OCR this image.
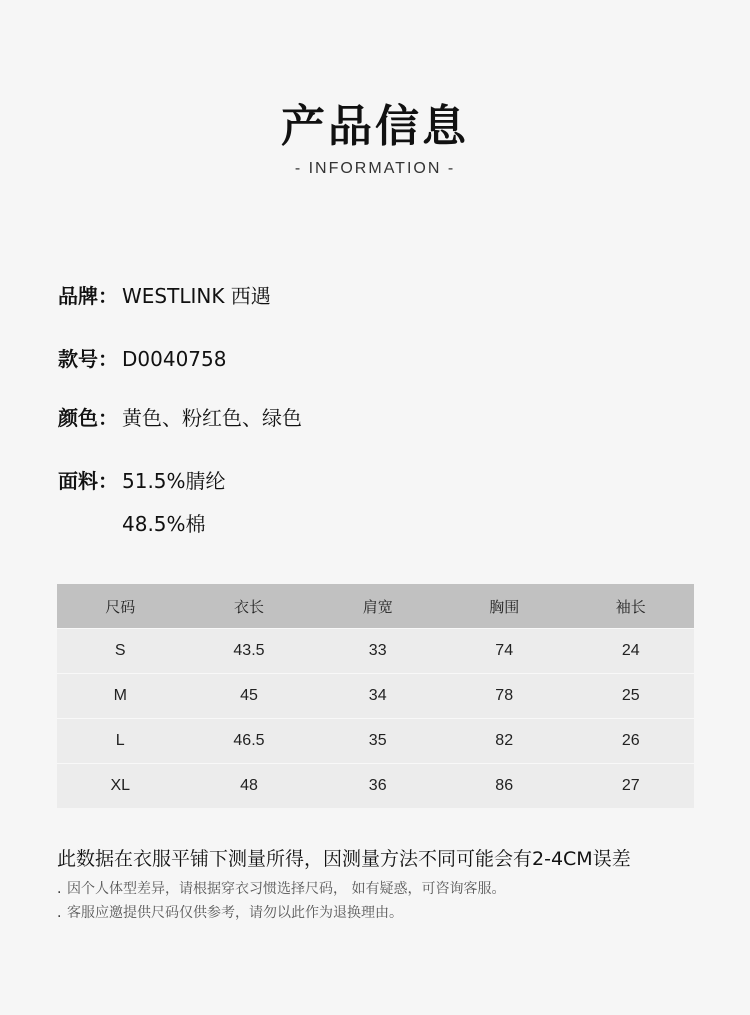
产品信息
- INFORMATION -
品牌： WESTLINK 西遇
款号： D0040758
颜色： 黄色、粉红色、绿色
面料： 51.5%腈纶
48.5%棉
尺码	衣长	肩宽	胸围	袖长
S	43.5	33	74	24
M	45	34	78	25
L	46.5	35	82	26
XL	48	36	86	27
此数据在衣服平铺下测量所得，因测量方法不同可能会有2-4CM误差
. 因个人体型差异，请根据穿衣习惯选择尺码， 如有疑惑，可咨询客服。
. 客服应邀提供尺码仅供参考，请勿以此作为退换理由。
